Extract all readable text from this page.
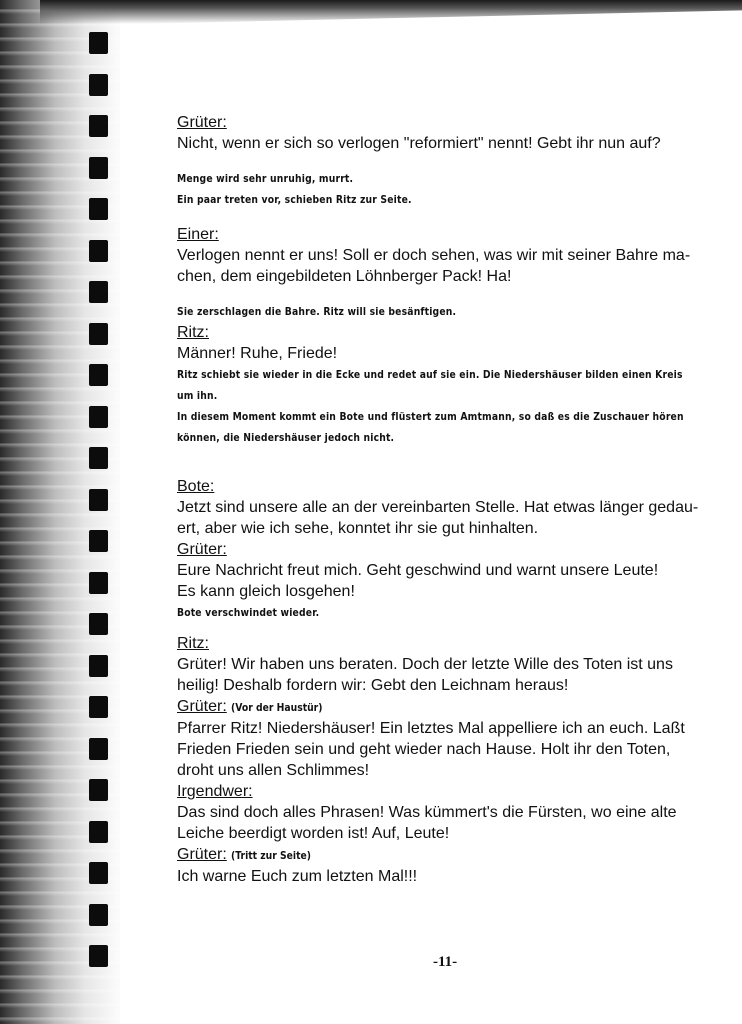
Grüter:
Nicht, wenn er sich so verlogen "reformiert" nennt! Gebt ihr nun auf?
Menge wird sehr unruhig, murrt.
Ein paar treten vor, schieben Ritz zur Seite.
Einer:
Verlogen nennt er uns! Soll er doch sehen, was wir mit seiner Bahre ma-
chen, dem eingebildeten Löhnberger Pack! Ha!
Sie zerschlagen die Bahre. Ritz will sie besänftigen.
Ritz:
Männer! Ruhe, Friede!
Ritz schiebt sie wieder in die Ecke und redet auf sie ein. Die Niedershäuser bilden einen Kreis
um ihn.
In diesem Moment kommt ein Bote und flüstert zum Amtmann, so daß es die Zuschauer hören
können, die Niedershäuser jedoch nicht.
Bote:
Jetzt sind unsere alle an der vereinbarten Stelle. Hat etwas länger gedau-
ert, aber wie ich sehe, konntet ihr sie gut hinhalten.
Grüter:
Eure Nachricht freut mich. Geht geschwind und warnt unsere Leute!
Es kann gleich losgehen!
Bote verschwindet wieder.
Ritz:
Grüter! Wir haben uns beraten. Doch der letzte Wille des Toten ist uns
heilig! Deshalb fordern wir: Gebt den Leichnam heraus!
Grüter: (Vor der Haustür)
Pfarrer Ritz! Niedershäuser! Ein letztes Mal appelliere ich an euch. Laßt
Frieden Frieden sein und geht wieder nach Hause. Holt ihr den Toten,
droht uns allen Schlimmes!
Irgendwer:
Das sind doch alles Phrasen! Was kümmert's die Fürsten, wo eine alte
Leiche beerdigt worden ist! Auf, Leute!
Grüter: (Tritt zur Seite)
Ich warne Euch zum letzten Mal!!!
-11-
